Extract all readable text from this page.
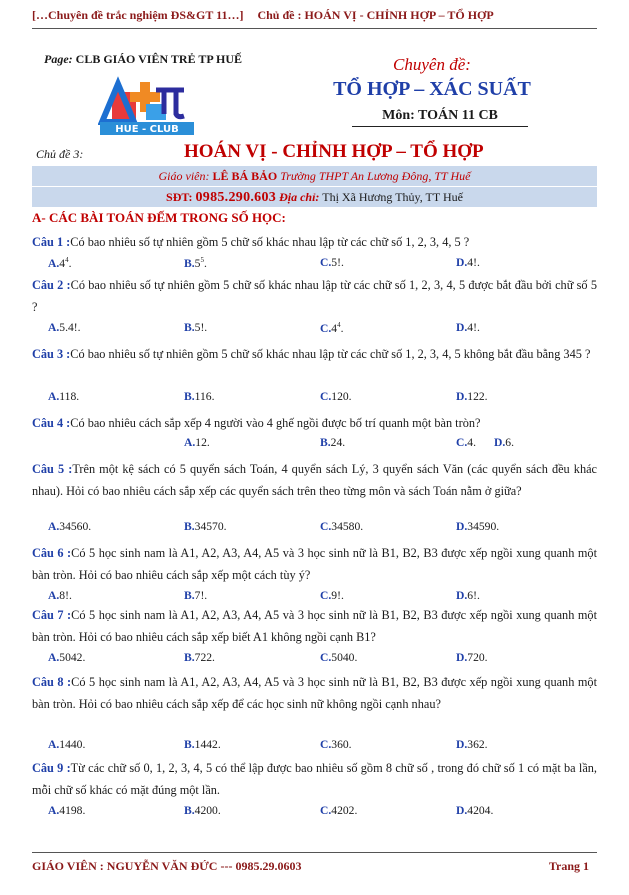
[…Chuyên đề trắc nghiệm ĐS&GT 11…] Chủ đề : HOÁN VỊ - CHỈNH HỢP – TỔ HỢP
Page: CLB GIÁO VIÊN TRẺ TP HUẾ
HUE - CLUB
Chuyên đề:
TỔ HỢP – XÁC SUẤT
Môn: TOÁN 11 CB
Chủ đề 3:	HOÁN VỊ - CHỈNH HỢP – TỔ HỢP
Giáo viên: LÊ BÁ BẢO Trường THPT An Lương Đông, TT Huế
SĐT: 0985.290.603 Địa chỉ: Thị Xã Hương Thủy, TT Huế
A- CÁC BÀI TOÁN ĐẾM TRONG SỐ HỌC:
Câu 1 :Có bao nhiêu số tự nhiên gồm 5 chữ số khác nhau lập từ các chữ số 1, 2, 3, 4, 5 ?
$A.4^4$.	$B.5^5$.	C.5!.	D.4!.
Câu 2 :Có bao nhiêu số tự nhiên gồm 5 chữ số khác nhau lập từ các chữ số 1, 2, 3, 4, 5 được bắt đầu bởi chữ số 5 ?
A.5.4!.	B.5!.	$C.4^4$.	D.4!.
Câu 3 :Có bao nhiêu số tự nhiên gồm 5 chữ số khác nhau lập từ các chữ số 1, 2, 3, 4, 5 không bắt đầu bằng 345 ?
A.118.	B.116.	C.120.	D.122.
Câu 4 :Có bao nhiêu cách sắp xếp 4 người vào 4 ghế ngồi được bố trí quanh một bàn tròn?
A.12.	B.24.	C.4. D.6.
Câu 5 :Trên một kệ sách có 5 quyển sách Toán, 4 quyển sách Lý, 3 quyển sách Văn (các quyển sách đều khác nhau). Hỏi có bao nhiêu cách sắp xếp các quyển sách trên theo từng môn và sách Toán nằm ở giữa?
A.34560.	B.34570.	C.34580.	D.34590.
Câu 6 :Có 5 học sinh nam là A1, A2, A3, A4, A5 và 3 học sinh nữ là B1, B2, B3 được xếp ngồi xung quanh một bàn tròn. Hỏi có bao nhiêu cách sắp xếp một cách tùy ý?
A.8!.	B.7!.	C.9!.	D.6!.
Câu 7 :Có 5 học sinh nam là A1, A2, A3, A4, A5 và 3 học sinh nữ là B1, B2, B3 được xếp ngồi xung quanh một bàn tròn. Hỏi có bao nhiêu cách sắp xếp biết A1 không ngồi cạnh B1?
A.5042.	B.722.	C.5040.	D.720.
Câu 8 :Có 5 học sinh nam là A1, A2, A3, A4, A5 và 3 học sinh nữ là B1, B2, B3 được xếp ngồi xung quanh một bàn tròn. Hỏi có bao nhiêu cách sắp xếp để các học sinh nữ không ngồi cạnh nhau?
A.1440.	B.1442.	C.360.	D.362.
Câu 9 :Từ các chữ số 0, 1, 2, 3, 4, 5 có thể lập được bao nhiêu số gồm 8 chữ số , trong đó chữ số 1 có mặt ba lần, mỗi chữ số khác có mặt đúng một lần.
A.4198.	B.4200.	C.4202.	D.4204.
GIÁO VIÊN : NGUYỄN VĂN ĐỨC --- 0985.29.0603	Trang 1
